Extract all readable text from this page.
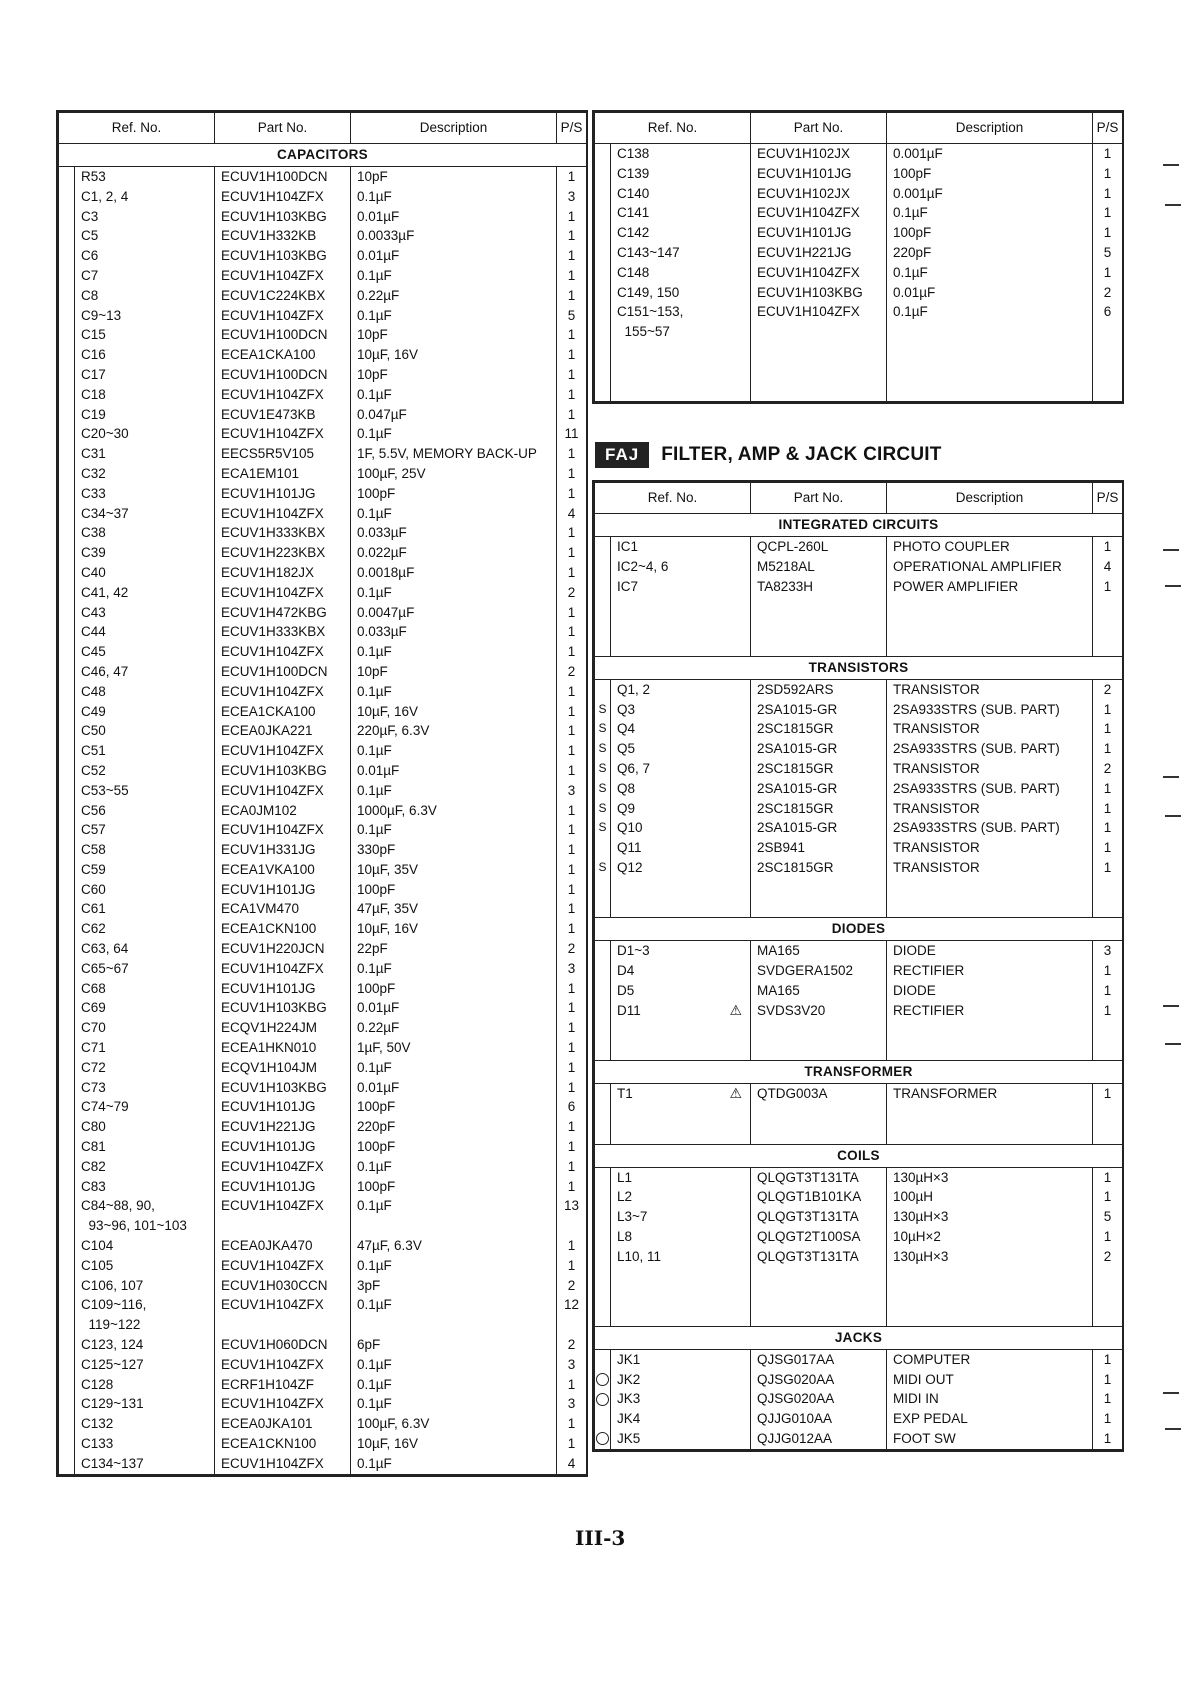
Ref. No.		Part No.	Description	P/S
CAPACITORS				
	R53	ECUV1H100DCN	10pF	1
	C1, 2, 4	ECUV1H104ZFX	0.1µF	3
	C3	ECUV1H103KBG	0.01µF	1
	C5	ECUV1H332KB	0.0033µF	1
	C6	ECUV1H103KBG	0.01µF	1
	C7	ECUV1H104ZFX	0.1µF	1
	C8	ECUV1C224KBX	0.22µF	1
	C9~13	ECUV1H104ZFX	0.1µF	5
	C15	ECUV1H100DCN	10pF	1
	C16	ECEA1CKA100	10µF, 16V	1
	C17	ECUV1H100DCN	10pF	1
	C18	ECUV1H104ZFX	0.1µF	1
	C19	ECUV1E473KB	0.047µF	1
	C20~30	ECUV1H104ZFX	0.1µF	11
	C31	EECS5R5V105	1F, 5.5V, MEMORY BACK-UP	1
	C32	ECA1EM101	100µF, 25V	1
	C33	ECUV1H101JG	100pF	1
	C34~37	ECUV1H104ZFX	0.1µF	4
	C38	ECUV1H333KBX	0.033µF	1
	C39	ECUV1H223KBX	0.022µF	1
	C40	ECUV1H182JX	0.0018µF	1
	C41, 42	ECUV1H104ZFX	0.1µF	2
	C43	ECUV1H472KBG	0.0047µF	1
	C44	ECUV1H333KBX	0.033µF	1
	C45	ECUV1H104ZFX	0.1µF	1
	C46, 47	ECUV1H100DCN	10pF	2
	C48	ECUV1H104ZFX	0.1µF	1
	C49	ECEA1CKA100	10µF, 16V	1
	C50	ECEA0JKA221	220µF, 6.3V	1
	C51	ECUV1H104ZFX	0.1µF	1
	C52	ECUV1H103KBG	0.01µF	1
	C53~55	ECUV1H104ZFX	0.1µF	3
	C56	ECA0JM102	1000µF, 6.3V	1
	C57	ECUV1H104ZFX	0.1µF	1
	C58	ECUV1H331JG	330pF	1
	C59	ECEA1VKA100	10µF, 35V	1
	C60	ECUV1H101JG	100pF	1
	C61	ECA1VM470	47µF, 35V	1
	C62	ECEA1CKN100	10µF, 16V	1
	C63, 64	ECUV1H220JCN	22pF	2
	C65~67	ECUV1H104ZFX	0.1µF	3
	C68	ECUV1H101JG	100pF	1
	C69	ECUV1H103KBG	0.01µF	1
	C70	ECQV1H224JM	0.22µF	1
	C71	ECEA1HKN010	1µF, 50V	1
	C72	ECQV1H104JM	0.1µF	1
	C73	ECUV1H103KBG	0.01µF	1
	C74~79	ECUV1H101JG	100pF	6
	C80	ECUV1H221JG	220pF	1
	C81	ECUV1H101JG	100pF	1
	C82	ECUV1H104ZFX	0.1µF	1
	C83	ECUV1H101JG	100pF	1
	C84~88, 90,	ECUV1H104ZFX	0.1µF	13
	93~96, 101~103			
	C104	ECEA0JKA470	47µF, 6.3V	1
	C105	ECUV1H104ZFX	0.1µF	1
	C106, 107	ECUV1H030CCN	3pF	2
	C109~116,	ECUV1H104ZFX	0.1µF	12
	119~122			
	C123, 124	ECUV1H060DCN	6pF	2
	C125~127	ECUV1H104ZFX	0.1µF	3
	C128	ECRF1H104ZF	0.1µF	1
	C129~131	ECUV1H104ZFX	0.1µF	3
	C132	ECEA0JKA101	100µF, 6.3V	1
	C133	ECEA1CKN100	10µF, 16V	1
	C134~137	ECUV1H104ZFX	0.1µF	4
Ref. No.		Part No.	Description	P/S
	C138	ECUV1H102JX	0.001µF	1
	C139	ECUV1H101JG	100pF	1
	C140	ECUV1H102JX	0.001µF	1
	C141	ECUV1H104ZFX	0.1µF	1
	C142	ECUV1H101JG	100pF	1
	C143~147	ECUV1H221JG	220pF	5
	C148	ECUV1H104ZFX	0.1µF	1
	C149, 150	ECUV1H103KBG	0.01µF	2
	C151~153,	ECUV1H104ZFX	0.1µF	6
	155~57			

FAJ	FILTER, AMP & JACK CIRCUIT
Ref. No.		Part No.	Description	P/S
INTEGRATED CIRCUITS				
	IC1	QCPL-260L	PHOTO COUPLER	1
	IC2~4, 6	M5218AL	OPERATIONAL AMPLIFIER	4
	IC7	TA8233H	POWER AMPLIFIER	1

TRANSISTORS				
	Q1, 2	2SD592ARS	TRANSISTOR	2
S	Q3	2SA1015-GR	2SA933STRS (SUB. PART)	1
S	Q4	2SC1815GR	TRANSISTOR	1
S	Q5	2SA1015-GR	2SA933STRS (SUB. PART)	1
S	Q6, 7	2SC1815GR	TRANSISTOR	2
S	Q8	2SA1015-GR	2SA933STRS (SUB. PART)	1
S	Q9	2SC1815GR	TRANSISTOR	1
S	Q10	2SA1015-GR	2SA933STRS (SUB. PART)	1
	Q11	2SB941	TRANSISTOR	1
S	Q12	2SC1815GR	TRANSISTOR	1

DIODES				
	D1~3	MA165	DIODE	3
	D4	SVDGERA1502	RECTIFIER	1
	D5	MA165	DIODE	1
	D11 ⚠	SVDS3V20	RECTIFIER	1

TRANSFORMER				
	T1 ⚠	QTDG003A	TRANSFORMER	1

COILS				
	L1	QLQGT3T131TA	130µH×3	1
	L2	QLQGT1B101KA	100µH	1
	L3~7	QLQGT3T131TA	130µH×3	5
	L8	QLQGT2T100SA	10µH×2	1
	L10, 11	QLQGT3T131TA	130µH×3	2

JACKS				
	JK1	QJSG017AA	COMPUTER	1
	JK2	QJSG020AA	MIDI OUT	1
	JK3	QJSG020AA	MIDI IN	1
	JK4	QJJG010AA	EXP PEDAL	1
	JK5	QJJG012AA	FOOT SW	1
III-3
